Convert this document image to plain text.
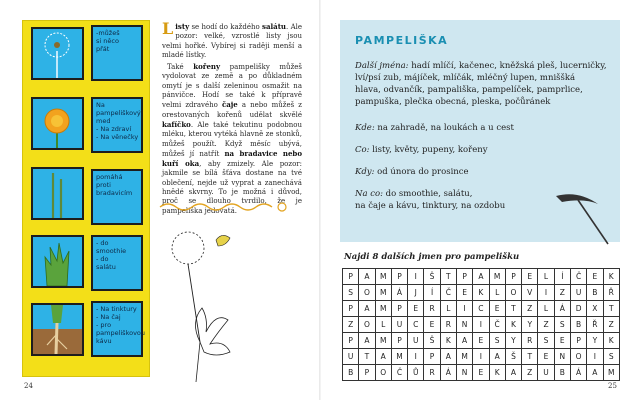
-můžeš
si něco
přát
Na
pampeliškový
med
- Na zdraví
- Na věnečky
pomáhá
proti
bradavicím
- do
smoothie
- do
salátu
- Na tinktury
- Na čaj
- pro
pampeliškovou
kávu

Listy se hodí do každého salátu. Ale pozor: velké, vzrostlé listy jsou velmi hořké. Vybírej si raději menší a mladé lístky.

Také kořeny pampelišky můžeš vydolovat ze země a po důkladném omytí je s další zeleninou osmažit na pánvičce. Hodí se také k přípravě velmi zdravého čaje a nebo můžeš z orestovaných kořenů udělat skvělé kafíčko. Ale také tekutinu podobnou mléku, kterou vytéká hlavně ze stonků, můžeš použít. Když měsíc ubývá, můžeš jí natřít na bradavice nebo kuří oka, aby zmizely. Ale pozor: jakmile se bílá šťáva dostane na tvé oblečení, nejde už vyprat a zanechává hnědé skvrny. To je možná i důvod, proč se dlouho tvrdilo, že je pampeliška jedovatá.

24
PAMPELIŠKA
Další jména: hadí mlíčí, kačenec, kněžská pleš, lucerničky,
lví/psí zub, májíček, mlíčák, mléčný lupen, mniššká
hlava, odvančík, pampališka, pampelíček, pamprlice,
pampuška, plečka obecná, pleska, počůránek
Kde: na zahradě, na loukách a u cest
Co: listy, květy, pupeny, kořeny
Kdy: od února do prosince
Na co: do smoothie, salátu,
na čaje a kávu, tinktury, na ozdobu
Najdi 8 dalších jmen pro pampelišku
P	A	M	P	I	Š	T	P	A	M	P	E	L	Í	Č	E	K
S	O	M	Á	J	Í	Č	E	K	L	O	V	I	Z	U	B	Ř
P	A	M	P	E	R	L	I	C	E	T	Z	L	Á	D	X	T
Z	O	L	U	C	E	R	N	I	Č	K	Y	Z	S	B	Ř	Z
P	A	M	P	U	Š	K	A	E	S	Y	R	S	E	P	Y	K
U	T	A	M	I	P	A	M	I	A	Š	T	E	N	O	I	S
B	P	O	Č	Ů	R	Á	N	E	K	A	Z	U	B	Á	A	M
25
